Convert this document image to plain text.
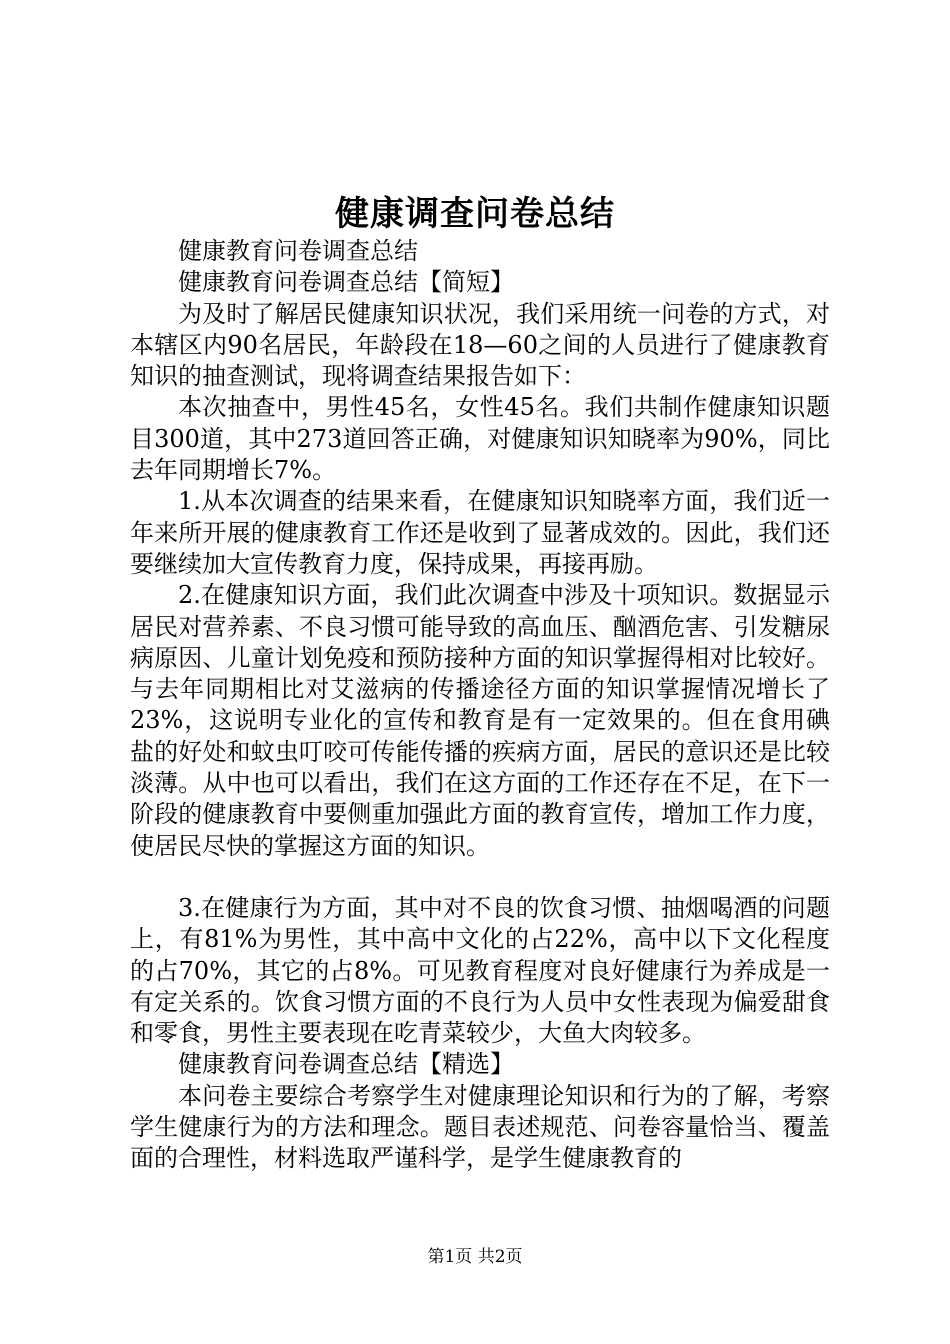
健康调查问卷总结

健康教育问卷调查总结

健康教育问卷调查总结【简短】

为及时了解居民健康知识状况，我们采用统一问卷的方式，对本辖区内90名居民，年龄段在18—60之间的人员进行了健康教育知识的抽查测试，现将调查结果报告如下：

本次抽查中，男性45名，女性45名。我们共制作健康知识题目300道，其中273道回答正确，对健康知识知晓率为90%，同比去年同期增长7%。

1.从本次调查的结果来看，在健康知识知晓率方面，我们近一年来所开展的健康教育工作还是收到了显著成效的。因此，我们还要继续加大宣传教育力度，保持成果，再接再励。

2.在健康知识方面，我们此次调查中涉及十项知识。数据显示居民对营养素、不良习惯可能导致的高血压、酗酒危害、引发糖尿病原因、儿童计划免疫和预防接种方面的知识掌握得相对比较好。与去年同期相比对艾滋病的传播途径方面的知识掌握情况增长了23%，这说明专业化的宣传和教育是有一定效果的。但在食用碘盐的好处和蚊虫叮咬可传能传播的疾病方面，居民的意识还是比较淡薄。从中也可以看出，我们在这方面的工作还存在不足，在下一阶段的健康教育中要侧重加强此方面的教育宣传，增加工作力度，使居民尽快的掌握这方面的知识。

3.在健康行为方面，其中对不良的饮食习惯、抽烟喝酒的问题上，有81%为男性，其中高中文化的占22%，高中以下文化程度的占70%，其它的占8%。可见教育程度对良好健康行为养成是一有定关系的。饮食习惯方面的不良行为人员中女性表现为偏爱甜食和零食，男性主要表现在吃青菜较少，大鱼大肉较多。

健康教育问卷调查总结【精选】

本问卷主要综合考察学生对健康理论知识和行为的了解，考察学生健康行为的方法和理念。题目表述规范、问卷容量恰当、覆盖面的合理性，材料选取严谨科学，是学生健康教育的

第1页 共2页
